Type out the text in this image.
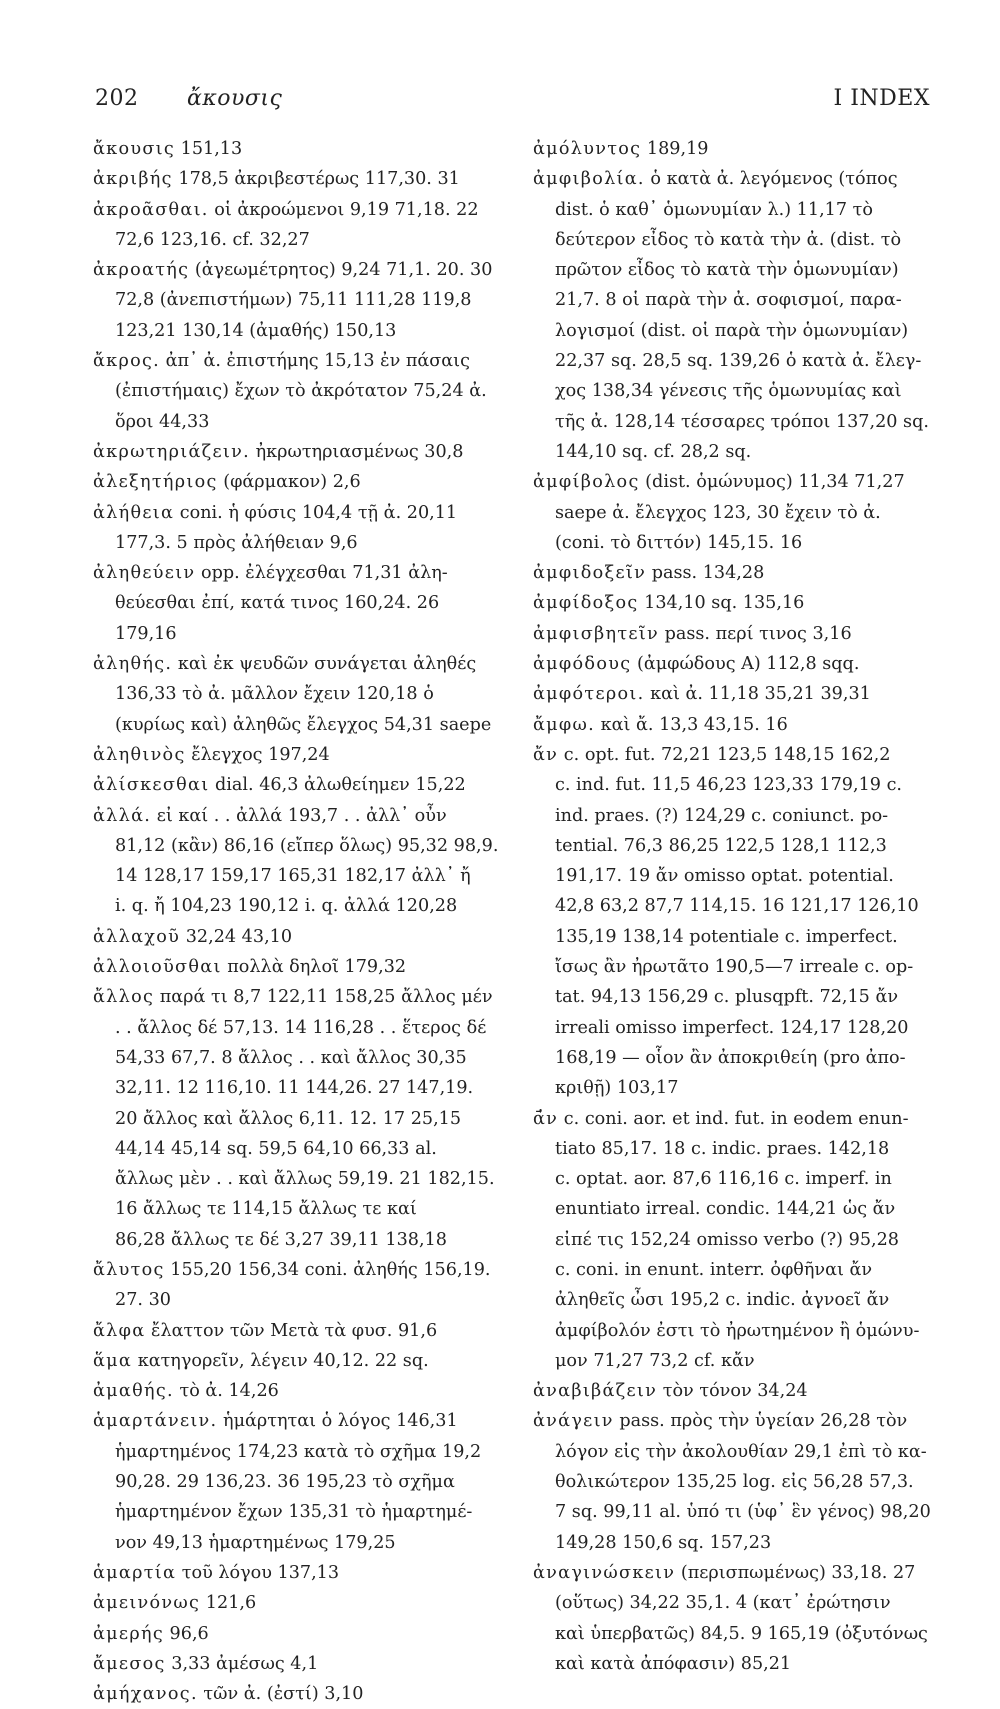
202 ἄκουσις	I INDEX

ἄκουσις 151,13

ἀκριβής 178,5 ἀκριβεστέρως 117,30. 31

ἀκροᾶσθαι. οἱ ἀκροώμενοι 9,19 71,18. 22
72,6 123,16. cf. 32,27

ἀκροατής (ἀγεωμέτρητος) 9,24 71,1. 20. 30
72,8 (ἀνεπιστήμων) 75,11 111,28 119,8
123,21 130,14 (ἀμαθής) 150,13

ἄκρος. ἀπ᾽ ἀ. ἐπιστήμης 15,13 ἐν πάσαις
(ἐπιστήμαις) ἔχων τὸ ἀκρότατον 75,24 ἀ.
ὅροι 44,33

ἀκρωτηριάζειν. ἠκρωτηριασμένως 30,8

ἀλεξητήριος (φάρμακον) 2,6

ἀλήθεια coni. ἡ φύσις 104,4 τῇ ἀ. 20,11
177,3. 5 πρὸς ἀλήθειαν 9,6

ἀληθεύειν opp. ἐλέγχεσθαι 71,31 ἀλη-
θεύεσθαι ἐπί, κατά τινος 160,24. 26 179,16

ἀληθής. καὶ ἐκ ψευδῶν συνάγεται ἀληθές
136,33 τὸ ἀ. μᾶλλον ἔχειν 120,18 ὁ
(κυρίως καὶ) ἀληθῶς ἔλεγχος 54,31 saepe

ἀληθινὸς ἔλεγχος 197,24

ἀλίσκεσθαι dial. 46,3 ἀλωθείημεν 15,22

ἀλλά. εἰ καί . . ἀλλά 193,7 . . ἀλλ᾽ οὖν
81,12 (κἂν) 86,16 (εἴπερ ὅλως) 95,32 98,9.
14 128,17 159,17 165,31 182,17 ἀλλ᾽ ἤ
i. q. ἤ 104,23 190,12 i. q. ἀλλά 120,28

ἀλλαχοῦ 32,24 43,10

ἀλλοιοῦσθαι πολλὰ δηλοῖ 179,32

ἄλλος παρά τι 8,7 122,11 158,25 ἄλλος μέν
. . ἄλλος δέ 57,13. 14 116,28 . . ἕτερος δέ
54,33 67,7. 8 ἄλλος . . καὶ ἄλλος 30,35
32,11. 12 116,10. 11 144,26. 27 147,19.
20 ἄλλος καὶ ἄλλος 6,11. 12. 17 25,15
44,14 45,14 sq. 59,5 64,10 66,33 al.
ἄλλως μὲν . . καὶ ἄλλως 59,19. 21 182,15.
16 ἄλλως τε 114,15 ἄλλως τε καί
86,28 ἄλλως τε δέ 3,27 39,11 138,18

ἄλυτος 155,20 156,34 coni. ἀληθής 156,19.
27. 30

ἄλφα ἔλαττον τῶν Μετὰ τὰ φυσ. 91,6

ἅμα κατηγορεῖν, λέγειν 40,12. 22 sq.

ἀμαθής. τὸ ἀ. 14,26

ἁμαρτάνειν. ἡμάρτηται ὁ λόγος 146,31
ἡμαρτημένος 174,23 κατὰ τὸ σχῆμα 19,2
90,28. 29 136,23. 36 195,23 τὸ σχῆμα
ἡμαρτημένον ἔχων 135,31 τὸ ἡμαρτημέ-
νον 49,13 ἡμαρτημένως 179,25

ἁμαρτία τοῦ λόγου 137,13

ἀμεινόνως 121,6

ἀμερής 96,6

ἄμεσος 3,33 ἀμέσως 4,1

ἀμήχανος. τῶν ἀ. (ἐστί) 3,10

ἀμόλυντος 189,19

ἀμφιβολία. ὁ κατὰ ἀ. λεγόμενος (τόπος
dist. ὁ καθ᾽ ὁμωνυμίαν λ.) 11,17 τὸ
δεύτερον εἶδος τὸ κατὰ τὴν ἀ. (dist. τὸ
πρῶτον εἶδος τὸ κατὰ τὴν ὁμωνυμίαν)
21,7. 8 οἱ παρὰ τὴν ἀ. σοφισμοί, παρα-
λογισμοί (dist. οἱ παρὰ τὴν ὁμωνυμίαν)
22,37 sq. 28,5 sq. 139,26 ὁ κατὰ ἀ. ἔλεγ-
χος 138,34 γένεσις τῆς ὁμωνυμίας καὶ
τῆς ἀ. 128,14 τέσσαρες τρόποι 137,20 sq.
144,10 sq. cf. 28,2 sq.

ἀμφίβολος (dist. ὁμώνυμος) 11,34 71,27
saepe ἀ. ἔλεγχος 123, 30 ἔχειν τὸ ἀ.
(coni. τὸ διττόν) 145,15. 16

ἀμφιδοξεῖν pass. 134,28

ἀμφίδοξος 134,10 sq. 135,16

ἀμφισβητεῖν pass. περί τινος 3,16

ἀμφόδους (ἀμφώδους A) 112,8 sqq.

ἀμφότεροι. καὶ ἀ. 11,18 35,21 39,31

ἄμφω. καὶ ἄ. 13,3 43,15. 16

ἄν c. opt. fut. 72,21 123,5 148,15 162,2
c. ind. fut. 11,5 46,23 123,33 179,19 c.
ind. praes. (?) 124,29 c. coniunct. po-
tential. 76,3 86,25 122,5 128,1 112,3
191,17. 19 ἄν omisso optat. potential.
42,8 63,2 87,7 114,15. 16 121,17 126,10
135,19 138,14 potentiale c. imperfect.
ἴσως ἂν ἠρωτᾶτο 190,5—7 irreale c. op-
tat. 94,13 156,29 c. plusqpft. 72,15 ἄν
irreali omisso imperfect. 124,17 128,20
168,19 — οἷον ἂν ἀποκριθείη (pro ἀπο-
κριθῇ) 103,17

ᾱ̓ν c. coni. aor. et ind. fut. in eodem enun-
tiato 85,17. 18 c. indic. praes. 142,18
c. optat. aor. 87,6 116,16 c. imperf. in
enuntiato irreal. condic. 144,21 ὡς ἄν
εἰπέ τις 152,24 omisso verbo (?) 95,28
c. coni. in enunt. interr. ὀφθῆναι ἄν
ἀληθεῖς ὦσι 195,2 c. indic. ἀγνοεῖ ἄν
ἀμφίβολόν ἐστι τὸ ἠρωτημένον ἢ ὁμώνυ-
μον 71,27 73,2 cf. κἄν

ἀναβιβάζειν τὸν τόνον 34,24

ἀνάγειν pass. πρὸς τὴν ὑγείαν 26,28 τὸν
λόγον εἰς τὴν ἀκολουθίαν 29,1 ἐπὶ τὸ κα-
θολικώτερον 135,25 log. εἰς 56,28 57,3.
7 sq. 99,11 al. ὑπό τι (ὑφ᾽ ἓν γένος) 98,20
149,28 150,6 sq. 157,23

ἀναγινώσκειν (περισπωμένως) 33,18. 27
(οὕτως) 34,22 35,1. 4 (κατ᾽ ἐρώτησιν
καὶ ὑπερβατῶς) 84,5. 9 165,19 (ὀξυτόνως
καὶ κατὰ ἀπόφασιν) 85,21
